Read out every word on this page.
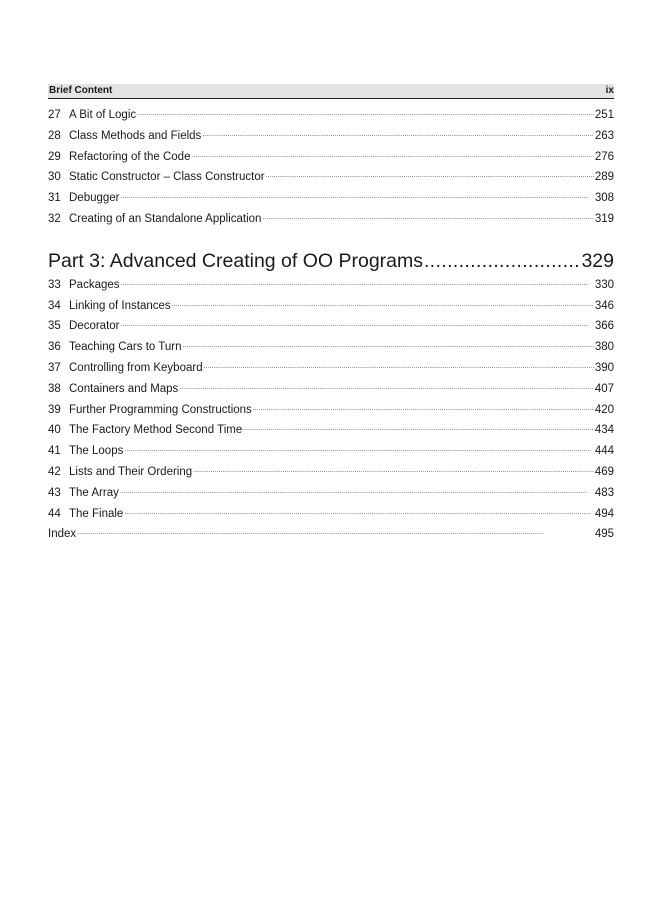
Brief Content	ix
27 A Bit of Logic .....	251
28 Class Methods and Fields .....	263
29 Refactoring of the Code .....	276
30 Static Constructor – Class Constructor .....	289
31 Debugger .....	308
32 Creating of an Standalone Application .....	319
Part 3: Advanced Creating of OO Programs .....	329
33 Packages .....	330
34 Linking of Instances .....	346
35 Decorator .....	366
36 Teaching Cars to Turn .....	380
37 Controlling from Keyboard .....	390
38 Containers and Maps .....	407
39 Further Programming Constructions .....	420
40 The Factory Method Second Time .....	434
41 The Loops .....	444
42 Lists and Their Ordering .....	469
43 The Array .....	483
44 The Finale .....	494
Index .....	495
